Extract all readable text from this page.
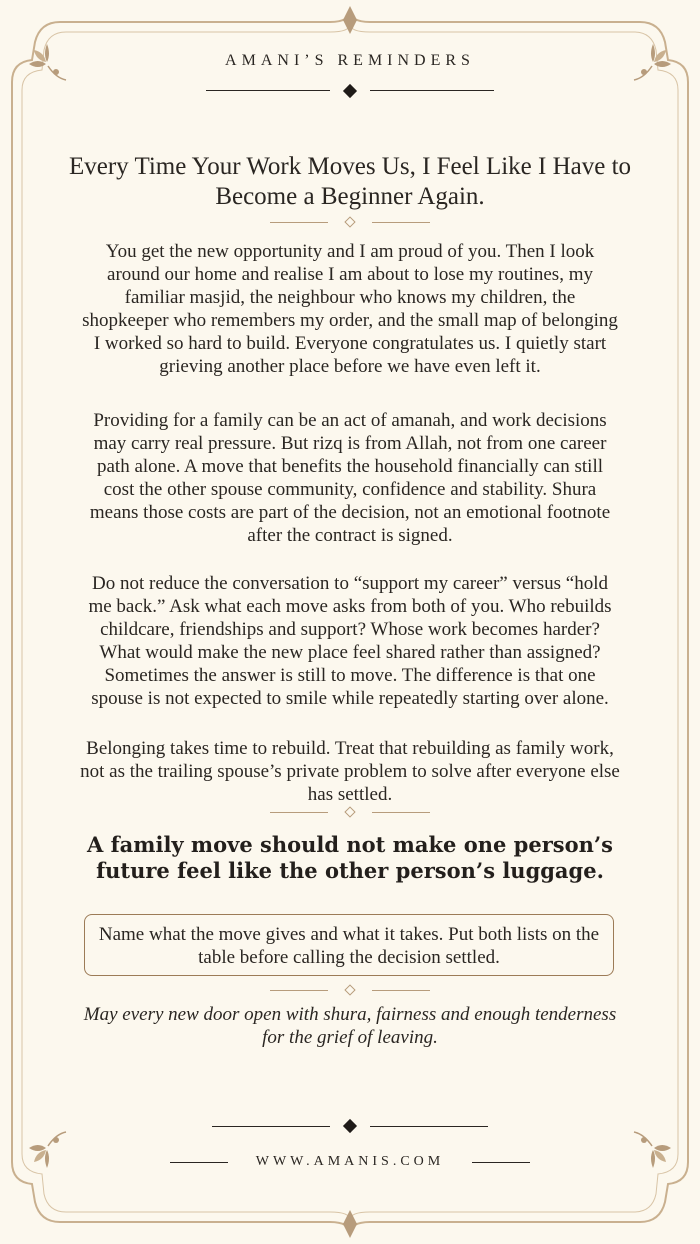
AMANI’S REMINDERS
Every Time Your Work Moves Us, I Feel Like I Have to Become a Beginner Again.

You get the new opportunity and I am proud of you. Then I look around our home and realise I am about to lose my routines, my familiar masjid, the neighbour who knows my children, the shopkeeper who remembers my order, and the small map of belonging I worked so hard to build. Everyone congratulates us. I quietly start grieving another place before we have even left it.

Providing for a family can be an act of amanah, and work decisions may carry real pressure. But rizq is from Allah, not from one career path alone. A move that benefits the household financially can still cost the other spouse community, confidence and stability. Shura means those costs are part of the decision, not an emotional footnote after the contract is signed.

Do not reduce the conversation to “support my career” versus “hold me back.” Ask what each move asks from both of you. Who rebuilds childcare, friendships and support? Whose work becomes harder? What would make the new place feel shared rather than assigned? Sometimes the answer is still to move. The difference is that one spouse is not expected to smile while repeatedly starting over alone.

Belonging takes time to rebuild. Treat that rebuilding as family work, not as the trailing spouse’s private problem to solve after everyone else has settled.

A family move should not make one person’s future feel like the other person’s luggage.
Name what the move gives and what it takes. Put both lists on the table before calling the decision settled.
May every new door open with shura, fairness and enough tenderness for the grief of leaving.
WWW.AMANIS.COM
